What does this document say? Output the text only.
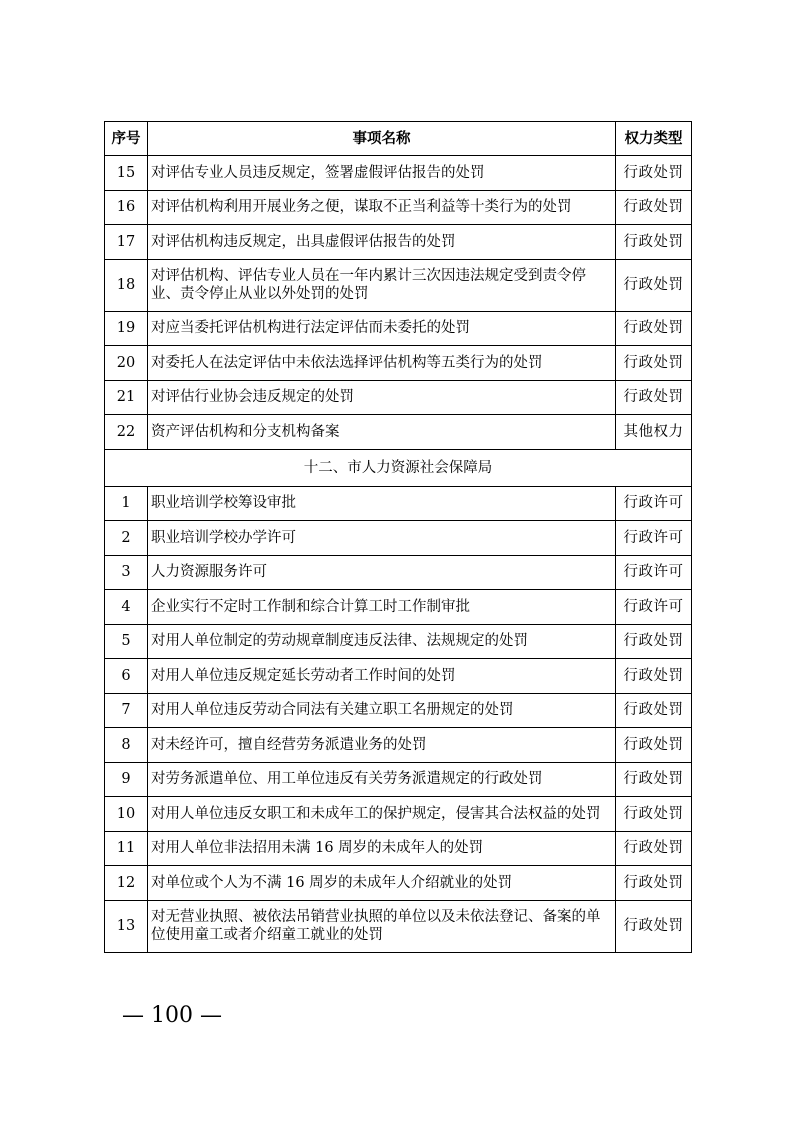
序号	事项名称	权力类型
15	对评估专业人员违反规定，签署虚假评估报告的处罚	行政处罚
16	对评估机构利用开展业务之便，谋取不正当利益等十类行为的处罚	行政处罚
17	对评估机构违反规定，出具虚假评估报告的处罚	行政处罚
18	对评估机构、评估专业人员在一年内累计三次因违法规定受到责令停业、责令停止从业以外处罚的处罚	行政处罚
19	对应当委托评估机构进行法定评估而未委托的处罚	行政处罚
20	对委托人在法定评估中未依法选择评估机构等五类行为的处罚	行政处罚
21	对评估行业协会违反规定的处罚	行政处罚
22	资产评估机构和分支机构备案	其他权力
十二、市人力资源社会保障局		
1	职业培训学校筹设审批	行政许可
2	职业培训学校办学许可	行政许可
3	人力资源服务许可	行政许可
4	企业实行不定时工作制和综合计算工时工作制审批	行政许可
5	对用人单位制定的劳动规章制度违反法律、法规规定的处罚	行政处罚
6	对用人单位违反规定延长劳动者工作时间的处罚	行政处罚
7	对用人单位违反劳动合同法有关建立职工名册规定的处罚	行政处罚
8	对未经许可，擅自经营劳务派遣业务的处罚	行政处罚
9	对劳务派遣单位、用工单位违反有关劳务派遣规定的行政处罚	行政处罚
10	对用人单位违反女职工和未成年工的保护规定，侵害其合法权益的处罚	行政处罚
11	对用人单位非法招用未满 16 周岁的未成年人的处罚	行政处罚
12	对单位或个人为不满 16 周岁的未成年人介绍就业的处罚	行政处罚
13	对无营业执照、被依法吊销营业执照的单位以及未依法登记、备案的单位使用童工或者介绍童工就业的处罚	行政处罚
— 100 —
